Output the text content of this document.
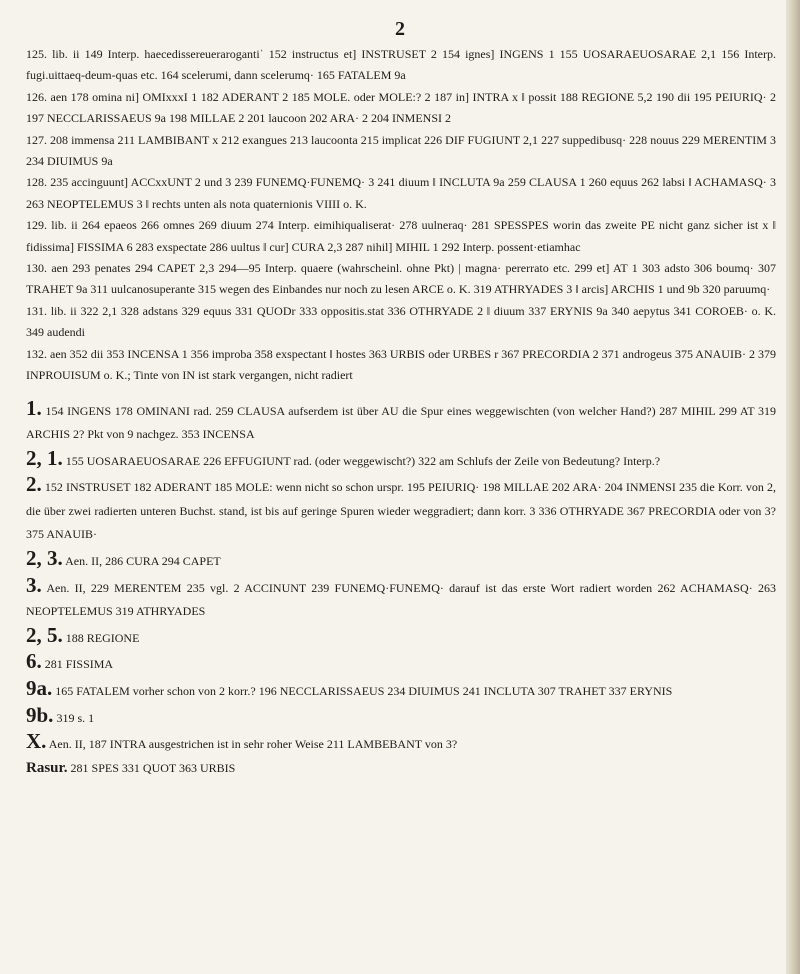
2

125. lib. ii 149 Interp. haecedissereuerarogantiˈ 152 instructus et] INSTRUSET 2 154 ignes] INGENS 1 155 UOSARAEUOSARAE 2,1 156 Interp. fugi.uittaeq-deum-quas etc. 164 scelerumi, dann scelerumq· 165 FATALEM 9a

126. aen 178 omina ni] OMIxxxI 1 182 ADERANT 2 185 MOLE. oder MOLE:? 2 187 in] INTRA x ‖ possit 188 REGIONE 5,2 190 dii 195 PEIURIQ· 2 197 NECCLARISSAEUS 9a 198 MILLAE 2 201 laucoon 202 ARA· 2 204 INMENSI 2

127. 208 immensa 211 LAMBIBANT x 212 exangues 213 laucoonta 215 implicat 226 DIF FUGIUNT 2,1 227 suppedibusq· 228 nouus 229 MERENTIM 3 234 DIUIMUS 9a

128. 235 accinguunt] ACCxxUNT 2 und 3 239 FUNEMQ·FUNEMQ· 3 241 diuum ‖ INCLUTA 9a 259 CLAUSA 1 260 equus 262 labsi ‖ ACHAMASQ· 3 263 NEOPTELEMUS 3 ‖ rechts unten als nota quaternionis VIIII o. K.

129. lib. ii 264 epaeos 266 omnes 269 diuum 274 Interp. eimihiqualiserat· 278 uulneraq· 281 SPESSPES worin das zweite PE nicht ganz sicher ist x ‖ fidissima] FISSIMA 6 283 exspectate 286 uultus ‖ cur] CURA 2,3 287 nihil] MIHIL 1 292 Interp. possent·etiamhac

130. aen 293 penates 294 CAPET 2,3 294—95 Interp. quaere (wahrscheinl. ohne Pkt) | magna· pererrato etc. 299 et] AT 1 303 adsto 306 boumq· 307 TRAHET 9a 311 uulcanosuperante 315 wegen des Einbandes nur noch zu lesen ARCE o. K. 319 ATHRYADES 3 ‖ arcis] ARCHIS 1 und 9b 320 paruumq·

131. lib. ii 322 2,1 328 adstans 329 equus 331 QUODr 333 oppositis.stat 336 OTHRYADE 2 ‖ diuum 337 ERYNIS 9a 340 aepytus 341 COROEB· o. K. 349 audendi

132. aen 352 dii 353 INCENSA 1 356 improba 358 exspectant ‖ hostes 363 URBIS oder URBES r 367 PRECORDIA 2 371 androgeus 375 ANAUIB· 2 379 INPROUISUM o. K.; Tinte von IN ist stark vergangen, nicht radiert

1. 154 INGENS 178 OMINANI rad. 259 CLAUSA aufserdem ist über AU die Spur eines weggewischten (von welcher Hand?) 287 MIHIL 299 AT 319 ARCHIS 2? Pkt von 9 nachgez. 353 INCENSA

2, 1. 155 UOSARAEUOSARAE 226 EFFUGIUNT rad. (oder weggewischt?) 322 am Schlufs der Zeile von Bedeutung? Interp.?

2. 152 INSTRUSET 182 ADERANT 185 MOLE: wenn nicht so schon urspr. 195 PEIURIQ· 198 MILLAE 202 ARA· 204 INMENSI 235 die Korr. von 2, die über zwei radierten unteren Buchst. stand, ist bis auf geringe Spuren wieder weggradiert; dann korr. 3 336 OTHRYADE 367 PRECORDIA oder von 3? 375 ANAUIB·

2, 3. Aen. II, 286 CURA 294 CAPET

3. Aen. II, 229 MERENTEM 235 vgl. 2 ACCINUNT 239 FUNEMQ·FUNEMQ· darauf ist das erste Wort radiert worden 262 ACHAMASQ· 263 NEOPTELEMUS 319 ATHRYADES

2, 5. 188 REGIONE

6. 281 FISSIMA

9a. 165 FATALEM vorher schon von 2 korr.? 196 NECCLARISSAEUS 234 DIUIMUS 241 INCLUTA 307 TRAHET 337 ERYNIS

9b. 319 s. 1

X. Aen. II, 187 INTRA ausgestrichen ist in sehr roher Weise 211 LAMBEBANT von 3?

Rasur. 281 SPES 331 QUOT 363 URBIS
